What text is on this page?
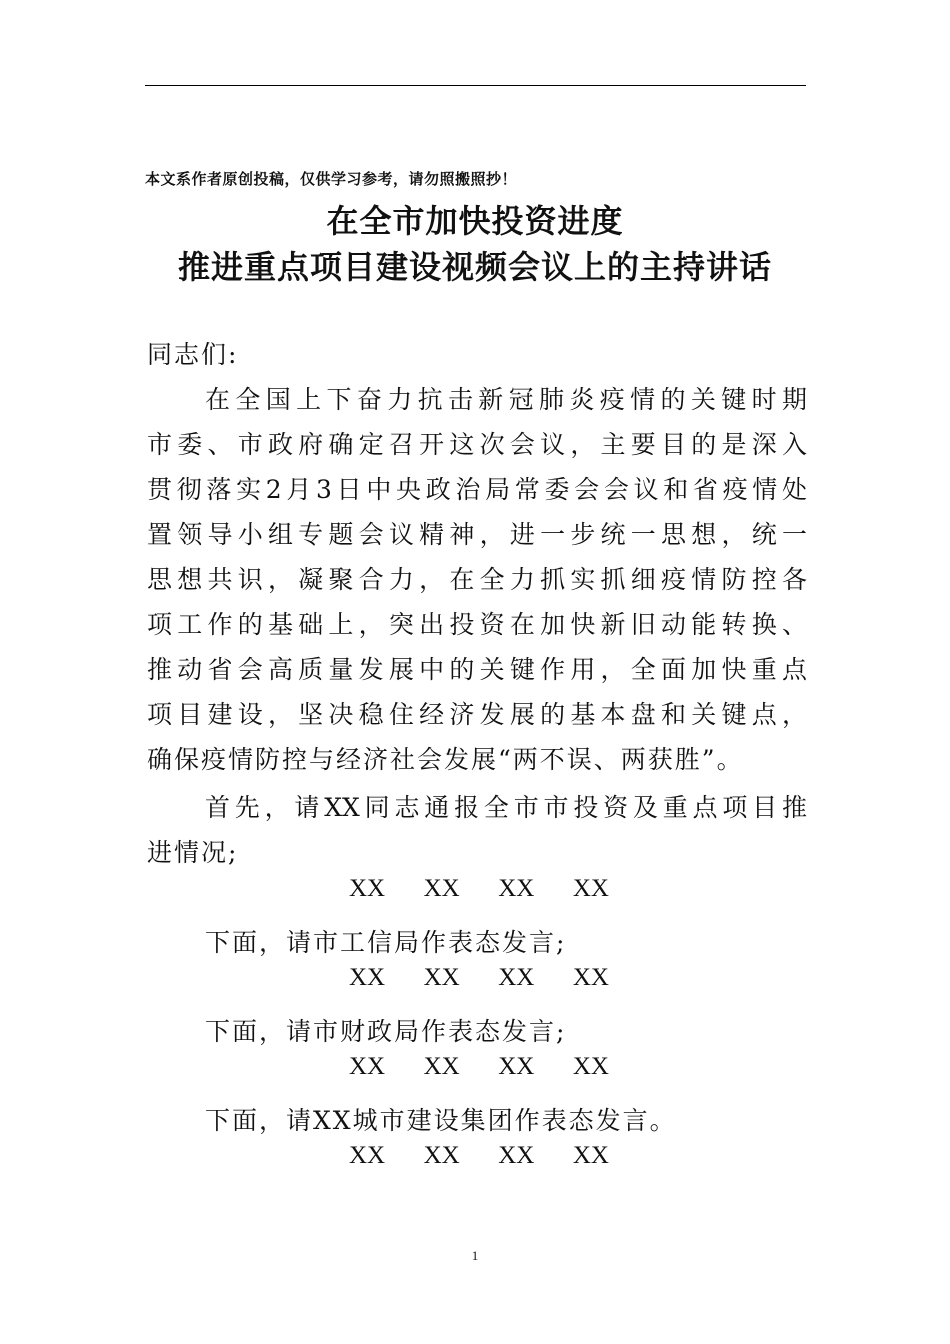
本文系作者原创投稿，仅供学习参考，请勿照搬照抄！
在全市加快投资进度
推进重点项目建设视频会议上的主持讲话
同志们:
在全国上下奋力抗击新冠肺炎疫情的关键时期
市委、市政府确定召开这次会议，主要目的是深入
贯彻落实2月3日中央政治局常委会会议和省疫情处
置领导小组专题会议精神，进一步统一思想，统一
思想共识，凝聚合力，在全力抓实抓细疫情防控各
项工作的基础上，突出投资在加快新旧动能转换、
推动省会高质量发展中的关键作用，全面加快重点
项目建设，坚决稳住经济发展的基本盘和关键点，
确保疫情防控与经济社会发展“两不误、两获胜”。
首先，请XX同志通报全市市投资及重点项目推
进情况;
下面，请市工信局作表态发言;
下面，请市财政局作表态发言;
下面，请XX城市建设集团作表态发言。
XX XX XX XX
XX XX XX XX
XX XX XX XX
XX XX XX XX
1
